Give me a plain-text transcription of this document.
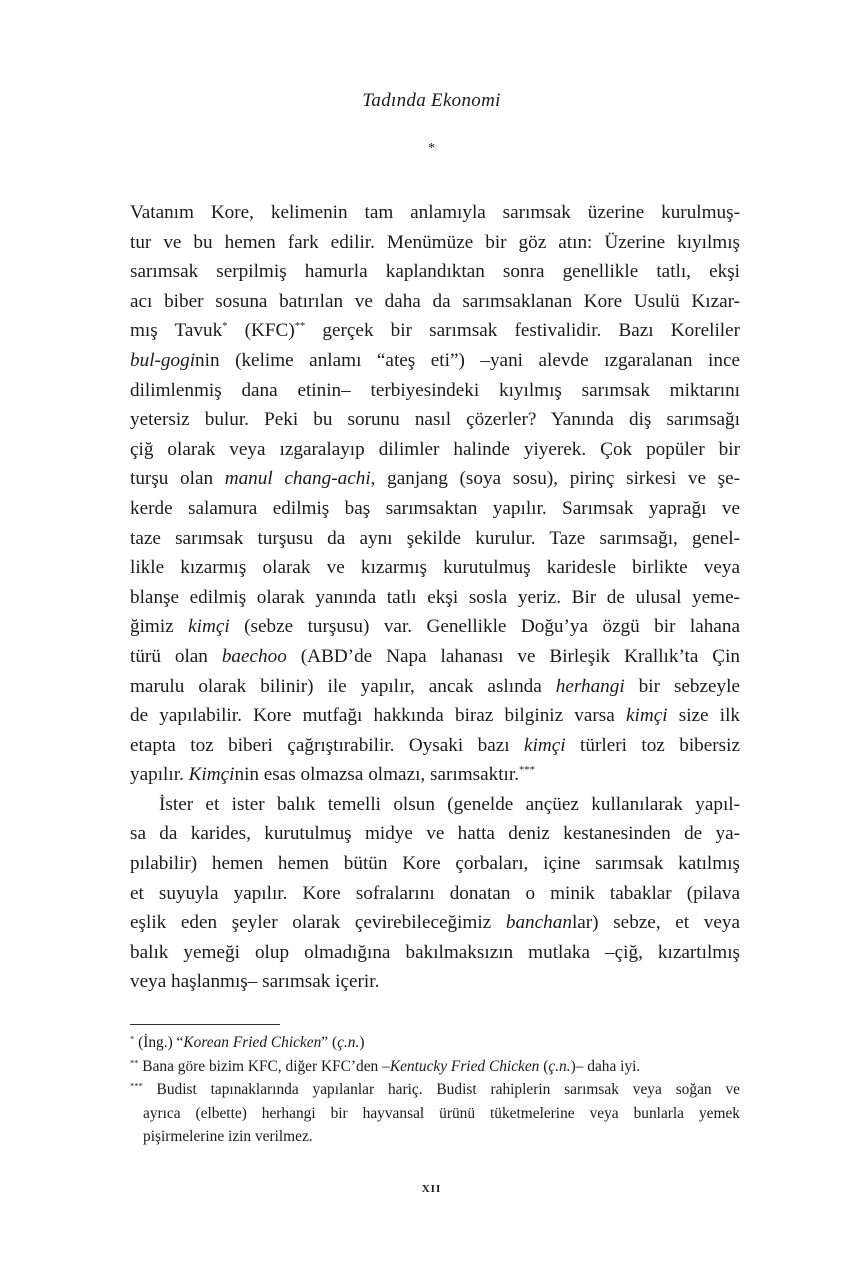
Tadında Ekonomi
*
Vatanım Kore, kelimenin tam anlamıyla sarımsak üzerine kurulmuş-
tur ve bu hemen fark edilir. Menümüze bir göz atın: Üzerine kıyılmış
sarımsak serpilmiş hamurla kaplandıktan sonra genellikle tatlı, ekşi
acı biber sosuna batırılan ve daha da sarımsaklanan Kore Usulü Kızar-
mış Tavuk* (KFC)** gerçek bir sarımsak festivalidir. Bazı Koreliler
bul-goginin (kelime anlamı “ateş eti”) –yani alevde ızgaralanan ince
dilimlenmiş dana etinin– terbiyesindeki kıyılmış sarımsak miktarını
yetersiz bulur. Peki bu sorunu nasıl çözerler? Yanında diş sarımsağı
çiğ olarak veya ızgaralayıp dilimler halinde yiyerek. Çok popüler bir
turşu olan manul chang-achi, ganjang (soya sosu), pirinç sirkesi ve şe-
kerde salamura edilmiş baş sarımsaktan yapılır. Sarımsak yaprağı ve
taze sarımsak turşusu da aynı şekilde kurulur. Taze sarımsağı, genel-
likle kızarmış olarak ve kızarmış kurutulmuş karidesle birlikte veya
blanşe edilmiş olarak yanında tatlı ekşi sosla yeriz. Bir de ulusal yeme-
ğimiz kimçi (sebze turşusu) var. Genellikle Doğu’ya özgü bir lahana
türü olan baechoo (ABD’de Napa lahanası ve Birleşik Krallık’ta Çin
marulu olarak bilinir) ile yapılır, ancak aslında herhangi bir sebzeyle
de yapılabilir. Kore mutfağı hakkında biraz bilginiz varsa kimçi size ilk
etapta toz biberi çağrıştırabilir. Oysaki bazı kimçi türleri toz bibersiz
yapılır. Kimçinin esas olmazsa olmazı, sarımsaktır.***
İster et ister balık temelli olsun (genelde ançüez kullanılarak yapıl-
sa da karides, kurutulmuş midye ve hatta deniz kestanesinden de ya-
pılabilir) hemen hemen bütün Kore çorbaları, içine sarımsak katılmış
et suyuyla yapılır. Kore sofralarını donatan o minik tabaklar (pilava
eşlik eden şeyler olarak çevirebileceğimiz banchanlar) sebze, et veya
balık yemeği olup olmadığına bakılmaksızın mutlaka –çiğ, kızartılmış
veya haşlanmış– sarımsak içerir.
* (İng.) “Korean Fried Chicken” (ç.n.)
** Bana göre bizim KFC, diğer KFC’den –Kentucky Fried Chicken (ç.n.)– daha iyi.
*** Budist tapınaklarında yapılanlar hariç. Budist rahiplerin sarımsak veya soğan ve
ayrıca (elbette) herhangi bir hayvansal ürünü tüketmelerine veya bunlarla yemek
pişirmelerine izin verilmez.
xii
